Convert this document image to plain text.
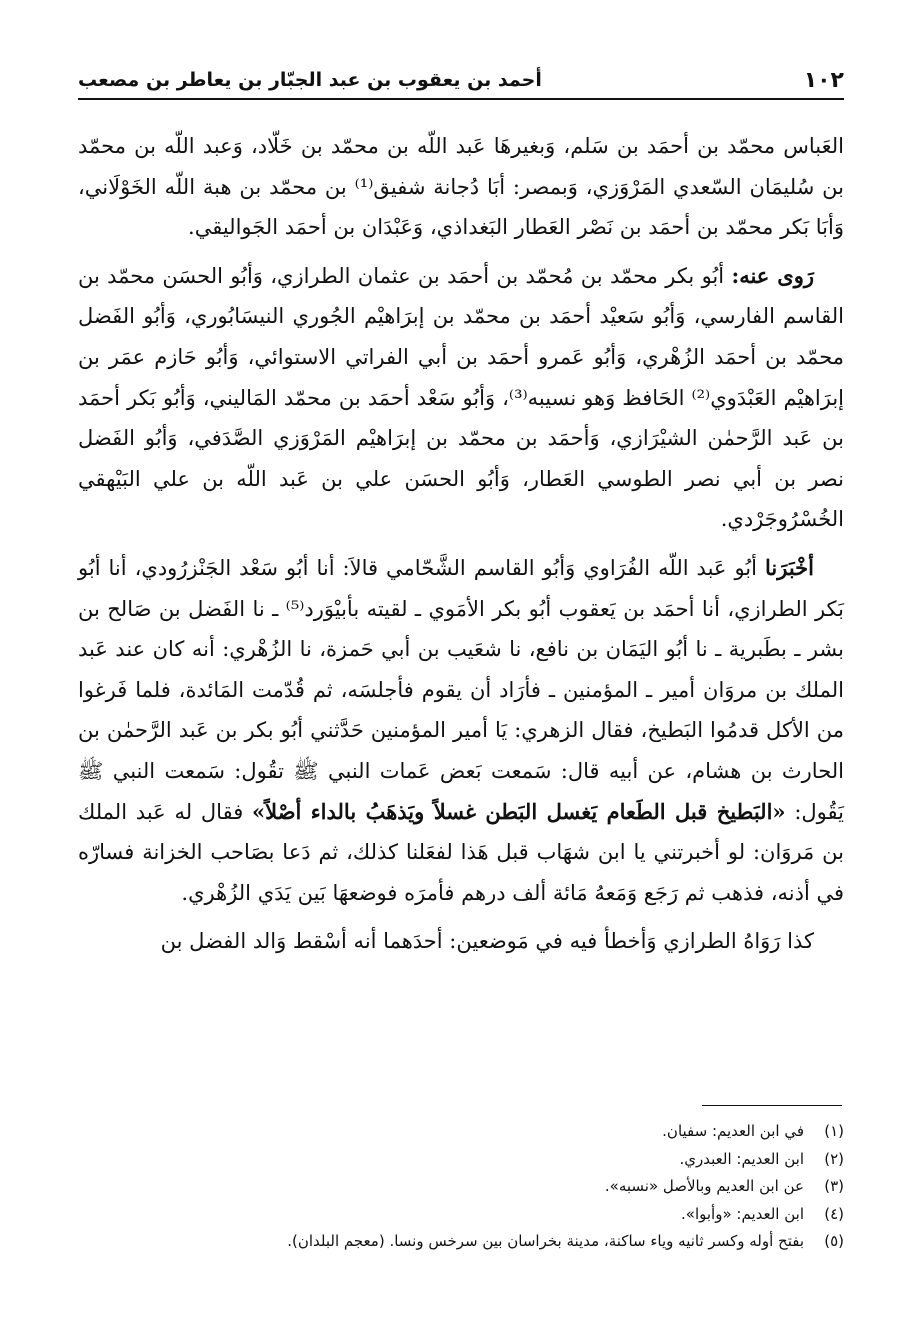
١٠٢
أحمد بن يعقوب بن عبد الجبّار بن يعاطر بن مصعب

العَباس محمّد بن أحمَد بن سَلم، وَبغيرهَا عَبد اللّه بن محمّد بن خَلّاد، وَعبد اللّه بن محمّد بن سُليمَان السّعدي المَرْوَزي، وَبمصر: أبَا دُجانة شفيق⁽¹⁾ بن محمّد بن هبة اللّه الخَوْلَاني، وَأبَا بَكر محمّد بن أحمَد بن نَصْر العَطار البَغداذي، وَعَبْدَان بن أحمَد الجَواليقي.

رَوى عنه: أبُو بكر محمّد بن مُحمّد بن أحمَد بن عثمان الطرازي، وَأبُو الحسَن محمّد بن القاسم الفارسي، وَأبُو سَعيْد أحمَد بن محمّد بن إبرَاهيْم الجُوري النيسَابُوري، وَأبُو الفَضل محمّد بن أحمَد الزُهْري، وَأبُو عَمرو أحمَد بن أبي الفراتي الاستوائي، وَأبُو حَازم عمَر بن إبرَاهيْم العَبْدَوي⁽²⁾ الحَافظ وَهو نسيبه⁽³⁾، وَأبُو سَعْد أحمَد بن محمّد المَاليني، وَأبُو بَكر أحمَد بن عَبد الرَّحمٰن الشيْرَازي، وَأحمَد بن محمّد بن إبرَاهيْم المَرْوَزي الصَّدَفي، وَأبُو الفَضل نصر بن أبي نصر الطوسي العَطار، وَأبُو الحسَن علي بن عَبد اللّه بن علي البَيْهقي الخُسْرُوجَرْدي.

أخْبَرَنا أبُو عَبد اللّه الفُرَاوي وَأبُو القاسم الشَّحّامي قالاَ: أنا أبُو سَعْد الجَنْزرُودي، أنا أبُو بَكر الطرازي، أنا أحمَد بن يَعقوب أبُو بكر الأمَوي ـ لقيته بأبيْوَرد⁽⁵⁾ ـ نا الفَضل بن صَالح بن بشر ـ بطَبرية ـ نا أبُو اليَمَان بن نافع، نا شعَيب بن أبي حَمزة، نا الزُهْري: أنه كان عند عَبد الملك بن مروَان أمير ـ المؤمنين ـ فأرَاد أن يقوم فأجلسَه، ثم قُدّمت المَائدة، فلما فَرغوا من الأكل قدمُوا البَطيخ، فقال الزهري: يَا أمير المؤمنين حَدَّثني أبُو بكر بن عَبد الرَّحمٰن بن الحارث بن هشام، عن أبيه قال: سَمعت بَعض عَمات النبي ﷺ تقُول: سَمعت النبي ﷺ يَقُول: «البَطيخ قبل الطَعام يَغسل البَطن غسلاً ويَذهَبُ بالداء أصْلاً» فقال له عَبد الملك بن مَروَان: لو أخبرتني يا ابن شهَاب قبل هَذا لفعَلنا كذلك، ثم دَعا بصَاحب الخزانة فسارّه في أذنه، فذهب ثم رَجَع وَمَعهُ مَائة ألف درهم فأمرَه فوضعهَا بَين يَدَي الزُهْري.

كذا رَوَاهُ الطرازي وَأخطأ فيه في مَوضعين: أحدَهما أنه أسْقط وَالد الفضل بن

(١)
في ابن العديم: سفيان.
(٢)
ابن العديم: العبدري.
(٣)
عن ابن العديم وبالأصل «نسبه».
(٤)
ابن العديم: «وأبوا».
(٥)
بفتح أوله وكسر ثانيه وياء ساكنة، مدينة بخراسان بين سرخس ونسا. (معجم البلدان).
